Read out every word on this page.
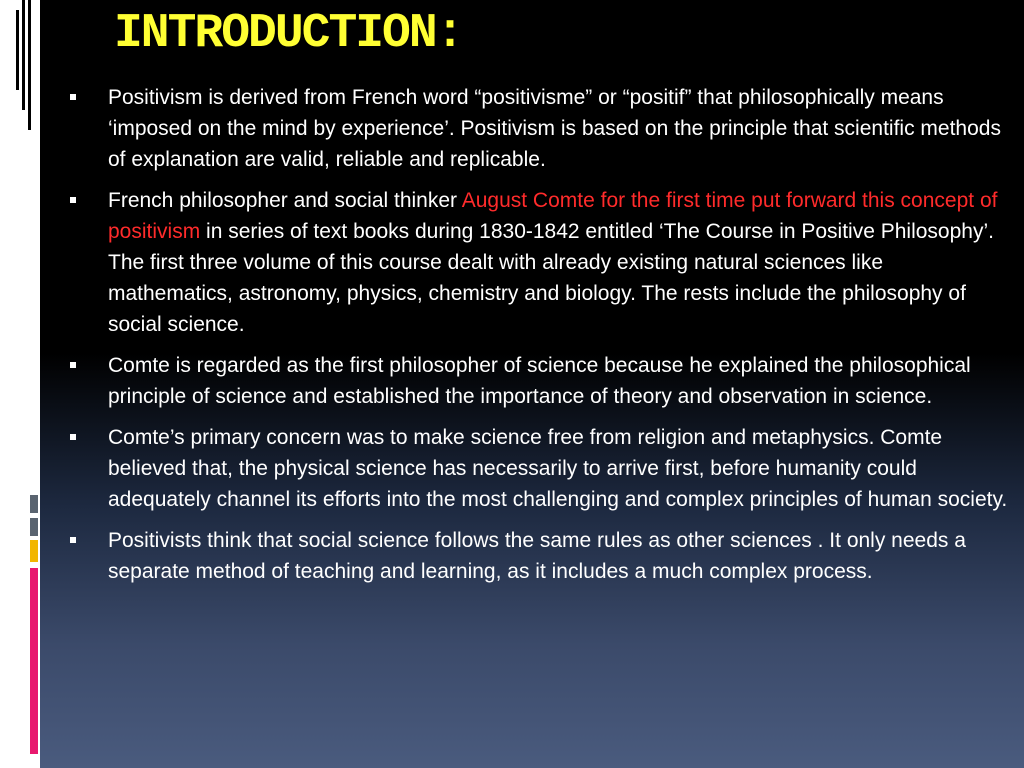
INTRODUCTION:
Positivism is derived from French word “positivisme” or “positif” that philosophically means ‘imposed on the mind by experience’. Positivism is based on the principle that scientific methods of explanation are valid, reliable and replicable.
French philosopher and social thinker August Comte for the first time put forward this concept of positivism in series of text books during 1830-1842 entitled ‘The Course in Positive Philosophy’. The first three volume of this course dealt with already existing natural sciences like mathematics, astronomy, physics, chemistry and biology. The rests include the philosophy of social science.
Comte is regarded as the first philosopher of science because he explained the philosophical principle of science and established the importance of theory and observation in science.
Comte’s primary concern was to make science free from religion and metaphysics. Comte believed that, the physical science has necessarily to arrive first, before humanity could adequately channel its efforts into the most challenging and complex principles of human society.
Positivists think that social science follows the same rules as other sciences . It only needs a separate method of teaching and learning, as it includes a much complex process.
